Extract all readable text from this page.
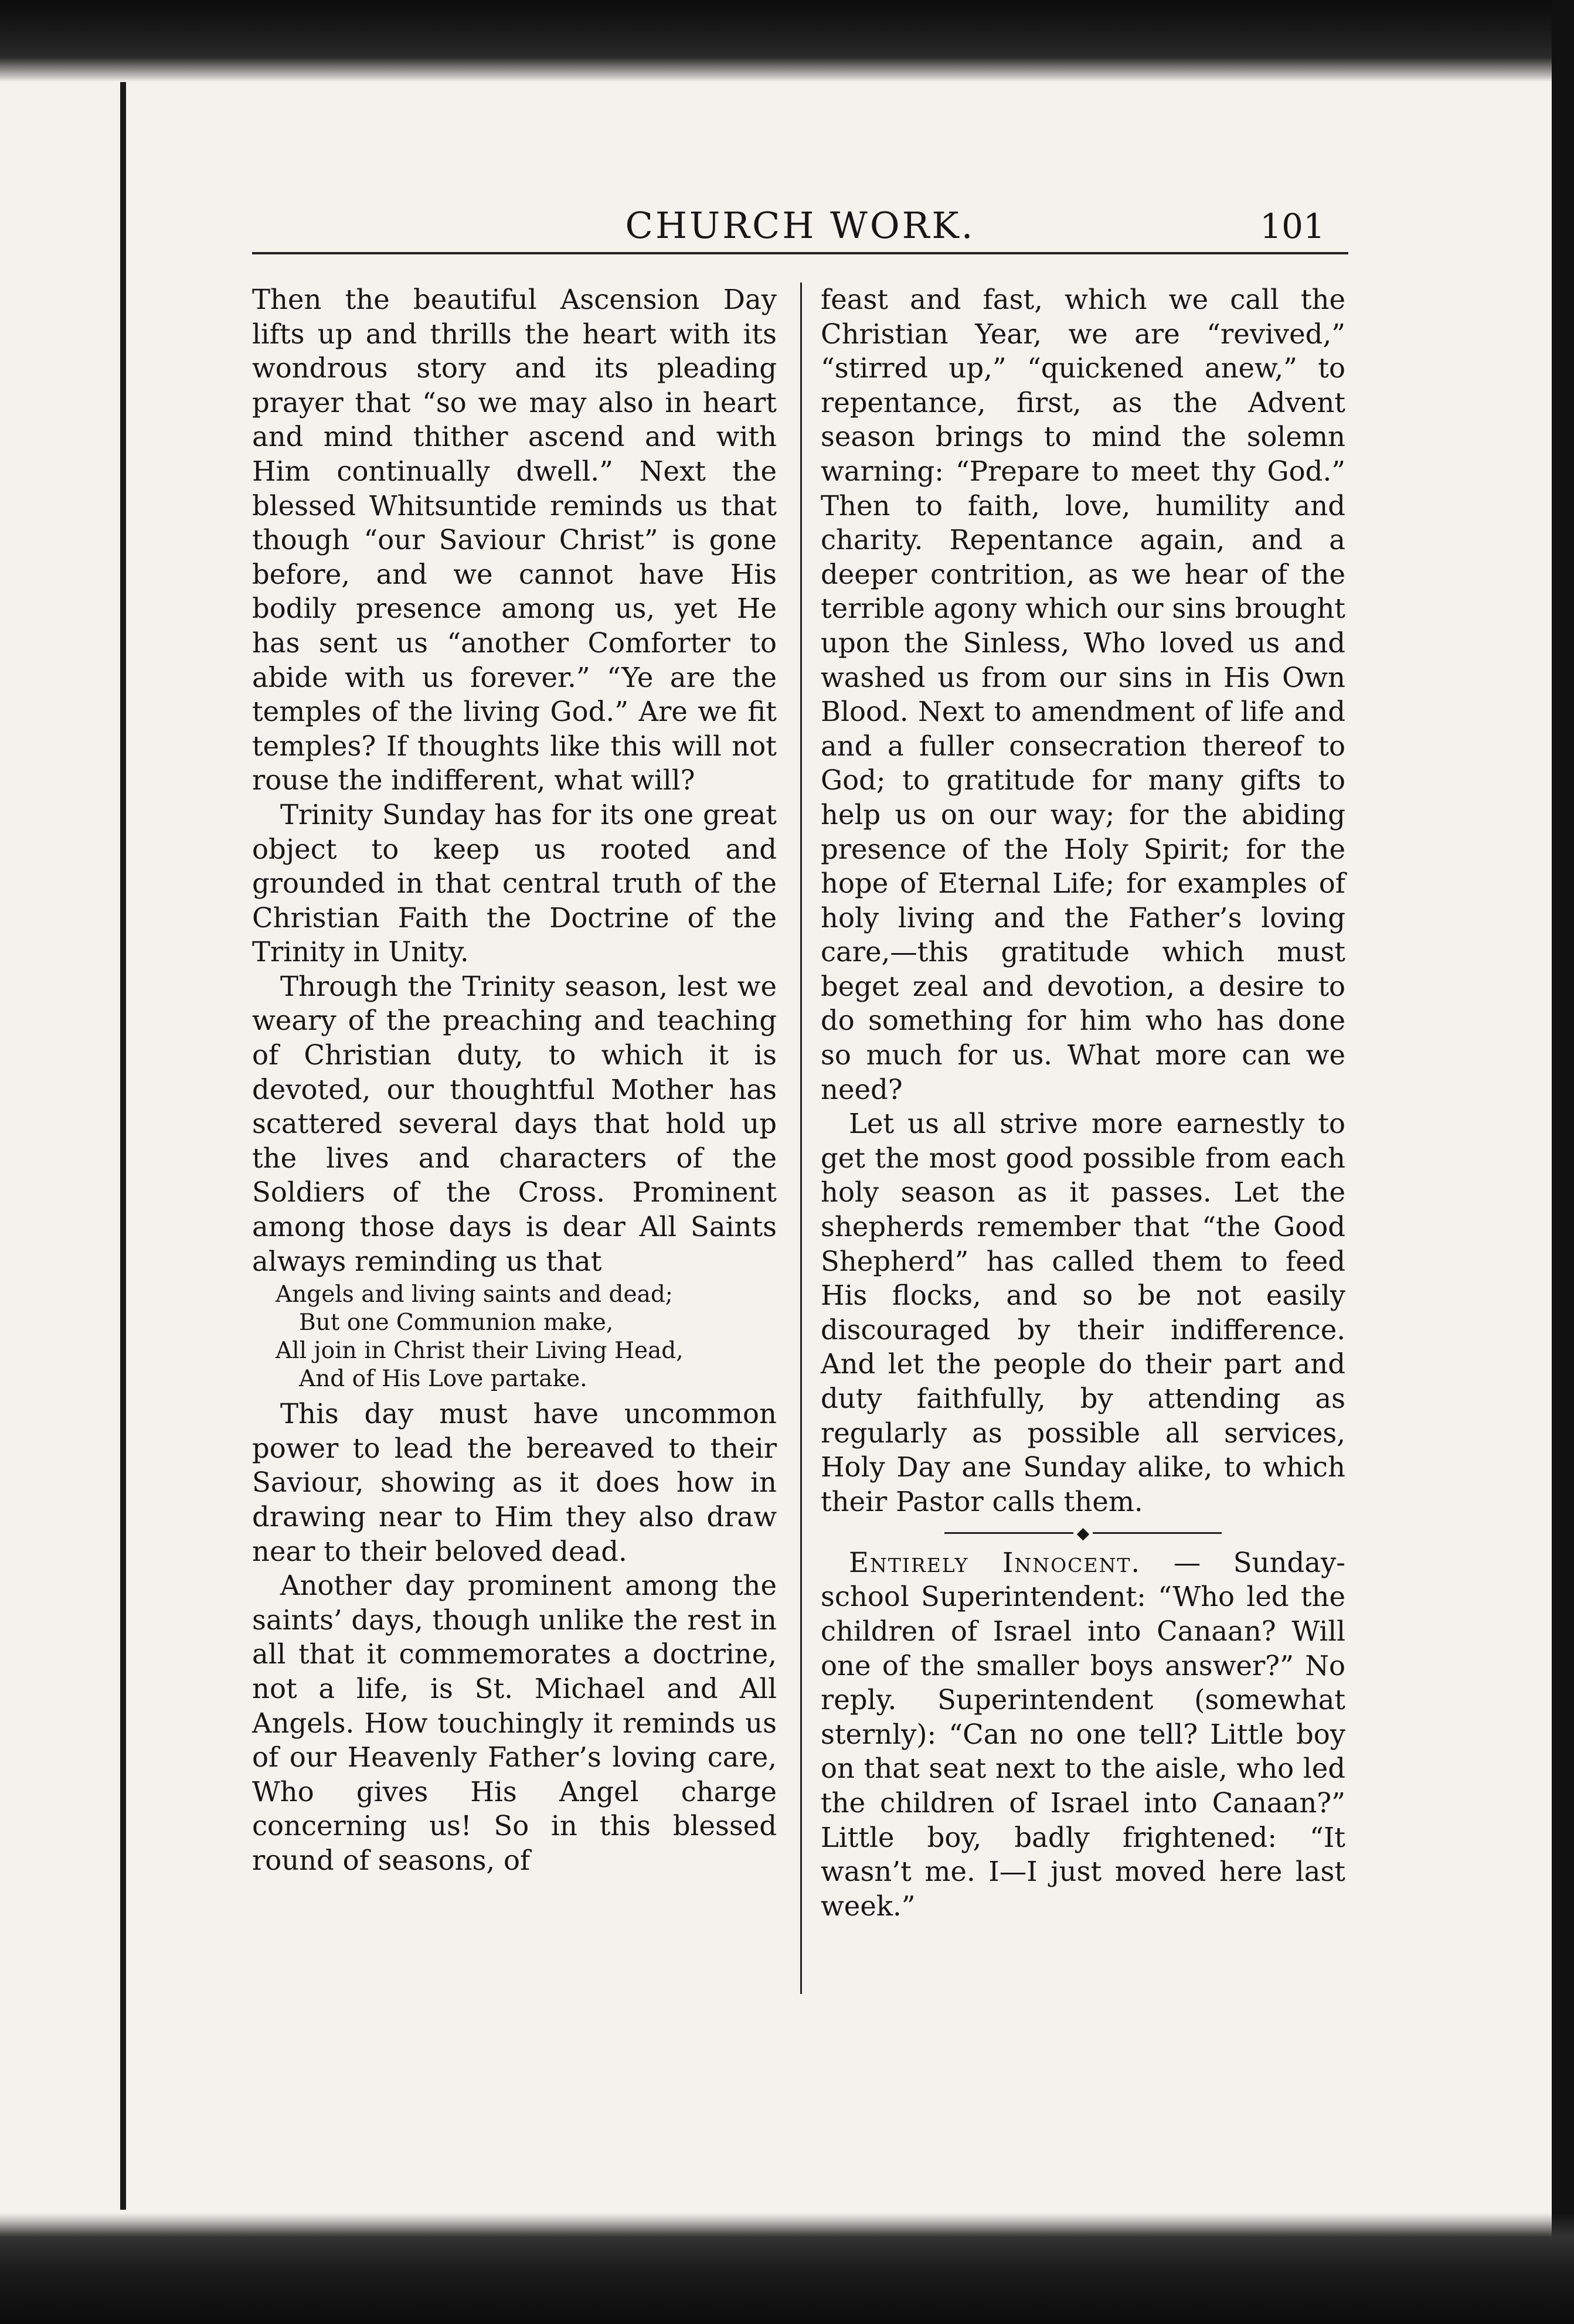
CHURCH WORK.	101

Then the beautiful Ascension Day lifts up and thrills the heart with its wondrous story and its pleading prayer that “so we may also in heart and mind thither ascend and with Him continually dwell.” Next the blessed Whitsuntide reminds us that though “our Saviour Christ” is gone before, and we cannot have His bodily presence among us, yet He has sent us “another Comforter to abide with us forever.” “Ye are the temples of the living God.” Are we fit temples? If thoughts like this will not rouse the indifferent, what will?

Trinity Sunday has for its one great object to keep us rooted and grounded in that central truth of the Christian Faith the Doctrine of the Trinity in Unity.

Through the Trinity season, lest we weary of the preaching and teaching of Christian duty, to which it is devoted, our thoughtful Mother has scattered several days that hold up the lives and characters of the Soldiers of the Cross. Prominent among those days is dear All Saints always reminding us that

Angels and living saints and dead;
But one Communion make,
All join in Christ their Living Head,
And of His Love partake.

This day must have uncommon power to lead the bereaved to their Saviour, showing as it does how in drawing near to Him they also draw near to their beloved dead.

Another day prominent among the saints’ days, though unlike the rest in all that it commemorates a doctrine, not a life, is St. Michael and All Angels. How touchingly it reminds us of our Heavenly Father’s loving care, Who gives His Angel charge concerning us! So in this blessed round of seasons, of

feast and fast, which we call the Christian Year, we are “revived,” “stirred up,” “quickened anew,” to repentance, first, as the Advent season brings to mind the solemn warning: “Prepare to meet thy God.” Then to faith, love, humility and charity. Repentance again, and a deeper contrition, as we hear of the terrible agony which our sins brought upon the Sinless, Who loved us and washed us from our sins in His Own Blood. Next to amendment of life and and a fuller consecration thereof to God; to gratitude for many gifts to help us on our way; for the abiding presence of the Holy Spirit; for the hope of Eternal Life; for examples of holy living and the Father’s loving care,—this gratitude which must beget zeal and devotion, a desire to do something for him who has done so much for us. What more can we need?

Let us all strive more earnestly to get the most good possible from each holy season as it passes. Let the shepherds remember that “the Good Shepherd” has called them to feed His flocks, and so be not easily discouraged by their indifference. And let the people do their part and duty faithfully, by attending as regularly as possible all services, Holy Day ane Sunday alike, to which their Pastor calls them.

◆

Entirely Innocent. — Sunday-school Superintendent: “Who led the children of Israel into Canaan? Will one of the smaller boys answer?” No reply. Superintendent (somewhat sternly): “Can no one tell? Little boy on that seat next to the aisle, who led the children of Israel into Canaan?” Little boy, badly frightened: “It wasn’t me. I—I just moved here last week.”
